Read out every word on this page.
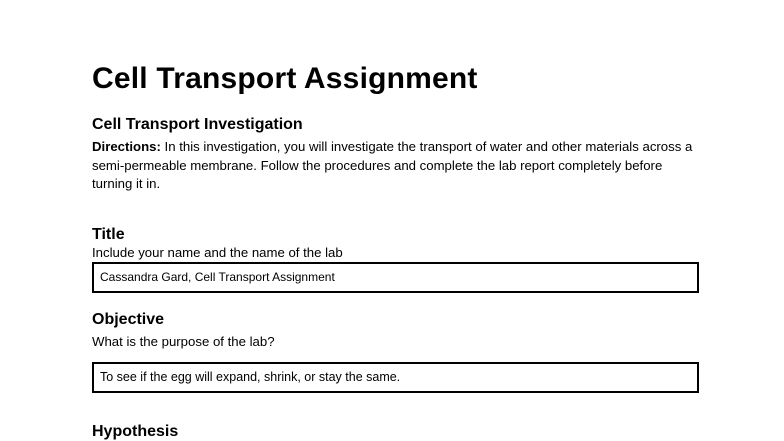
Cell Transport Assignment
Cell Transport Investigation

Directions: In this investigation, you will investigate the transport of water and other materials across a semi-permeable membrane. Follow the procedures and complete the lab report completely before turning it in.

Title

Include your name and the name of the lab

Cassandra Gard, Cell Transport Assignment
Objective

What is the purpose of the lab?

To see if the egg will expand, shrink, or stay the same.
Hypothesis
